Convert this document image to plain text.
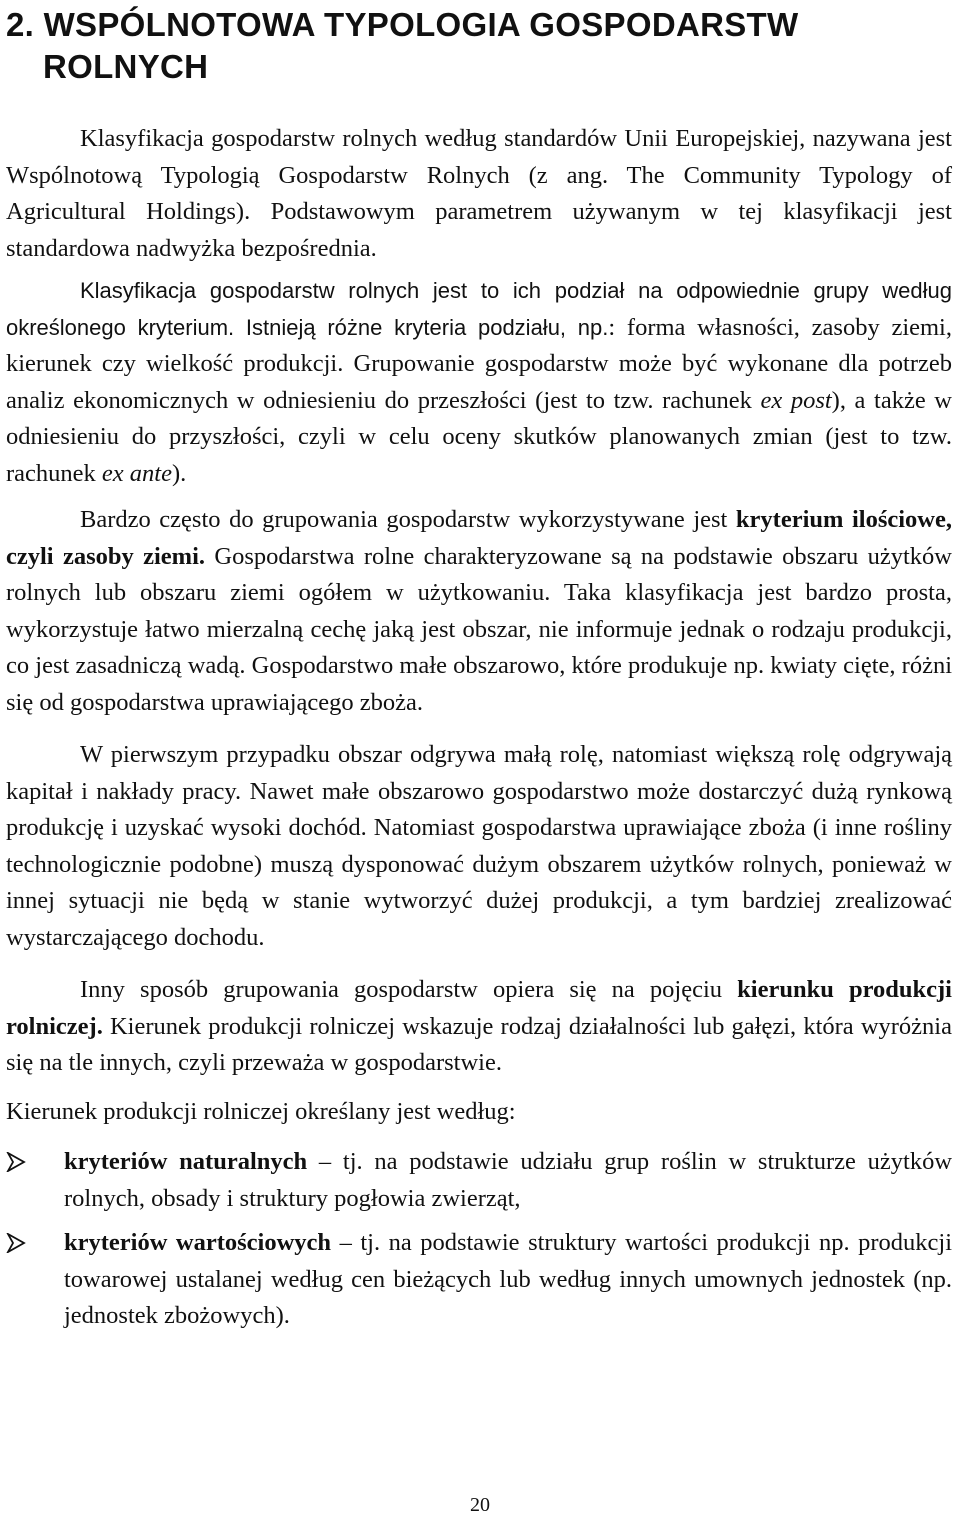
2. WSPÓLNOTOWA TYPOLOGIA GOSPODARSTW
ROLNYCH

Klasyfikacja gospodarstw rolnych według standardów Unii Europejskiej, nazywana jest Wspólnotową Typologią Gospodarstw Rolnych (z ang. The Community Typology of Agricultural Holdings). Podstawowym parametrem używanym w tej klasyfikacji jest standardowa nadwyżka bezpośrednia.

Klasyfikacja gospodarstw rolnych jest to ich podział na odpowiednie grupy według określonego kryterium. Istnieją różne kryteria podziału, np.: forma własności, zasoby ziemi, kierunek czy wielkość produkcji. Grupowanie gospodarstw może być wykonane dla potrzeb analiz ekonomicznych w odniesieniu do przeszłości (jest to tzw. rachunek ex post), a także w odniesieniu do przyszłości, czyli w celu oceny skutków planowanych zmian (jest to tzw. rachunek ex ante).

Bardzo często do grupowania gospodarstw wykorzystywane jest kryterium ilościowe, czyli zasoby ziemi. Gospodarstwa rolne charakteryzowane są na podstawie obszaru użytków rolnych lub obszaru ziemi ogółem w użytkowaniu. Taka klasyfikacja jest bardzo prosta, wykorzystuje łatwo mierzalną cechę jaką jest obszar, nie informuje jednak o rodzaju produkcji, co jest zasadniczą wadą. Gospodarstwo małe obszarowo, które produkuje np. kwiaty cięte, różni się od gospodarstwa uprawiającego zboża.

W pierwszym przypadku obszar odgrywa małą rolę, natomiast większą rolę odgrywają kapitał i nakłady pracy. Nawet małe obszarowo gospodarstwo może dostarczyć dużą rynkową produkcję i uzyskać wysoki dochód. Natomiast gospodarstwa uprawiające zboża (i inne rośliny technologicznie podobne) muszą dysponować dużym obszarem użytków rolnych, ponieważ w innej sytuacji nie będą w stanie wytworzyć dużej produkcji, a tym bardziej zrealizować wystarczającego dochodu.

Inny sposób grupowania gospodarstw opiera się na pojęciu kierunku produkcji rolniczej. Kierunek produkcji rolniczej wskazuje rodzaj działalności lub gałęzi, która wyróżnia się na tle innych, czyli przeważa w gospodarstwie.

Kierunek produkcji rolniczej określany jest według:

kryteriów naturalnych – tj. na podstawie udziału grup roślin w strukturze użytków rolnych, obsady i struktury pogłowia zwierząt,
kryteriów wartościowych – tj. na podstawie struktury wartości produkcji np. produkcji towarowej ustalanej według cen bieżących lub według innych umownych jednostek (np. jednostek zbożowych).
20
